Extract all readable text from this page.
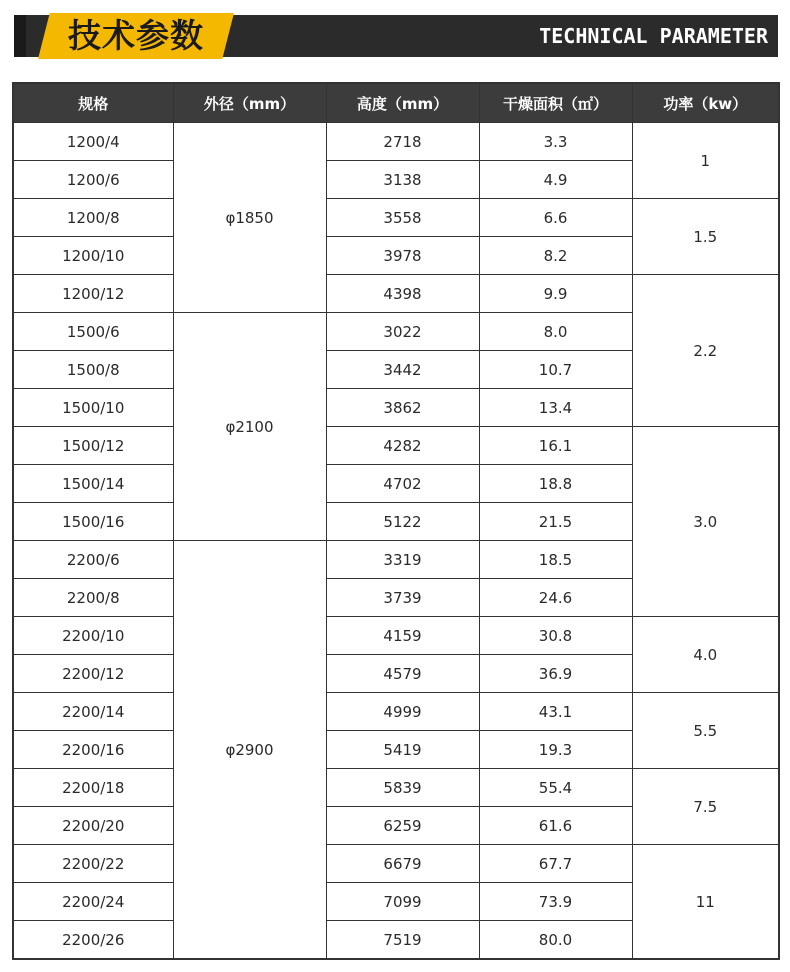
技术参数	TECHNICAL PARAMETER
规格	外径（mm）	高度（mm）	干燥面积（㎡）	功率（kw）
1200/4	φ1850	2718	3.3	1
1200/6		3138	4.9	
1200/8		3558	6.6	1.5
1200/10		3978	8.2	
1200/12		4398	9.9	2.2
1500/6	φ2100	3022	8.0	
1500/8		3442	10.7	
1500/10		3862	13.4	
1500/12		4282	16.1	3.0
1500/14		4702	18.8	
1500/16		5122	21.5	
2200/6	φ2900	3319	18.5	
2200/8		3739	24.6	
2200/10		4159	30.8	4.0
2200/12		4579	36.9	
2200/14		4999	43.1	5.5
2200/16		5419	19.3	
2200/18		5839	55.4	7.5
2200/20		6259	61.6	
2200/22		6679	67.7	11
2200/24		7099	73.9	
2200/26		7519	80.0	
